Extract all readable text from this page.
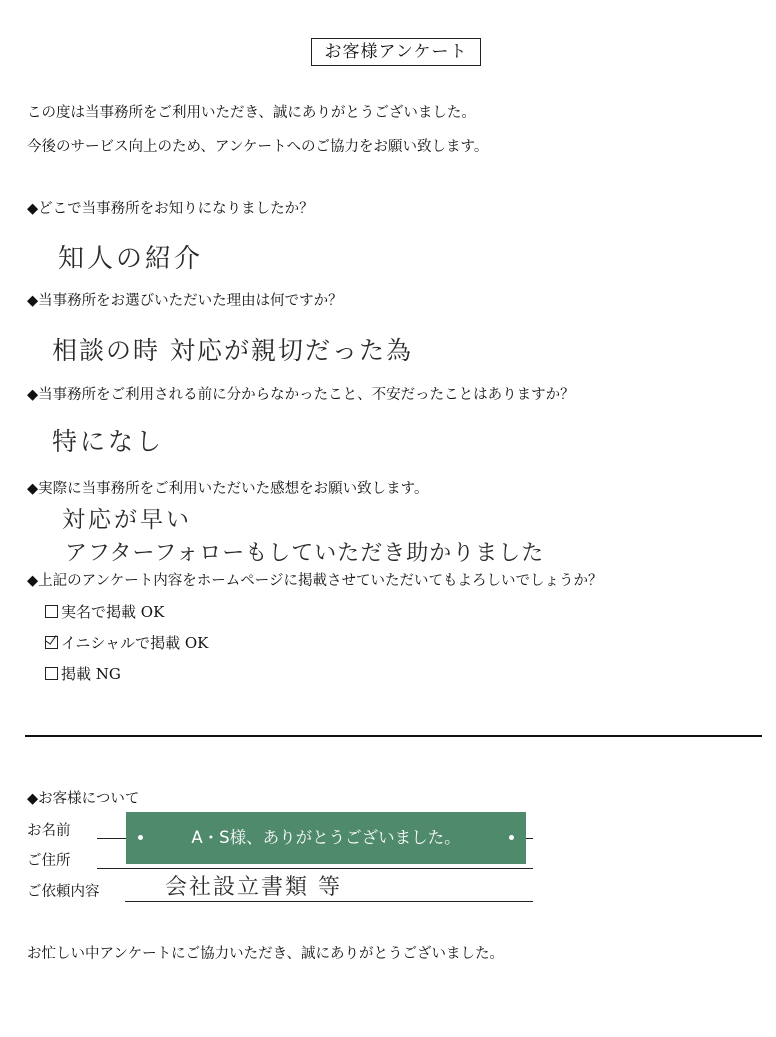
お客様アンケート
この度は当事務所をご利用いただき、誠にありがとうございました。
今後のサービス向上のため、アンケートへのご協力をお願い致します。
◆どこで当事務所をお知りになりましたか？
知人の紹介
◆当事務所をお選びいただいた理由は何ですか？
相談の時 対応が親切だった為
◆当事務所をご利用される前に分からなかったこと、不安だったことはありますか？
特になし
◆実際に当事務所をご利用いただいた感想をお願い致します。
対応が早い
アフターフォローもしていただき助かりました
◆上記のアンケート内容をホームページに掲載させていただいてもよろしいでしょうか？
実名で掲載 OK
イニシャルで掲載 OK
掲載 NG
◆お客様について
お名前
ご住所
ご依頼内容	会社設立書類 等
A・S様、ありがとうございました。
お忙しい中アンケートにご協力いただき、誠にありがとうございました。
